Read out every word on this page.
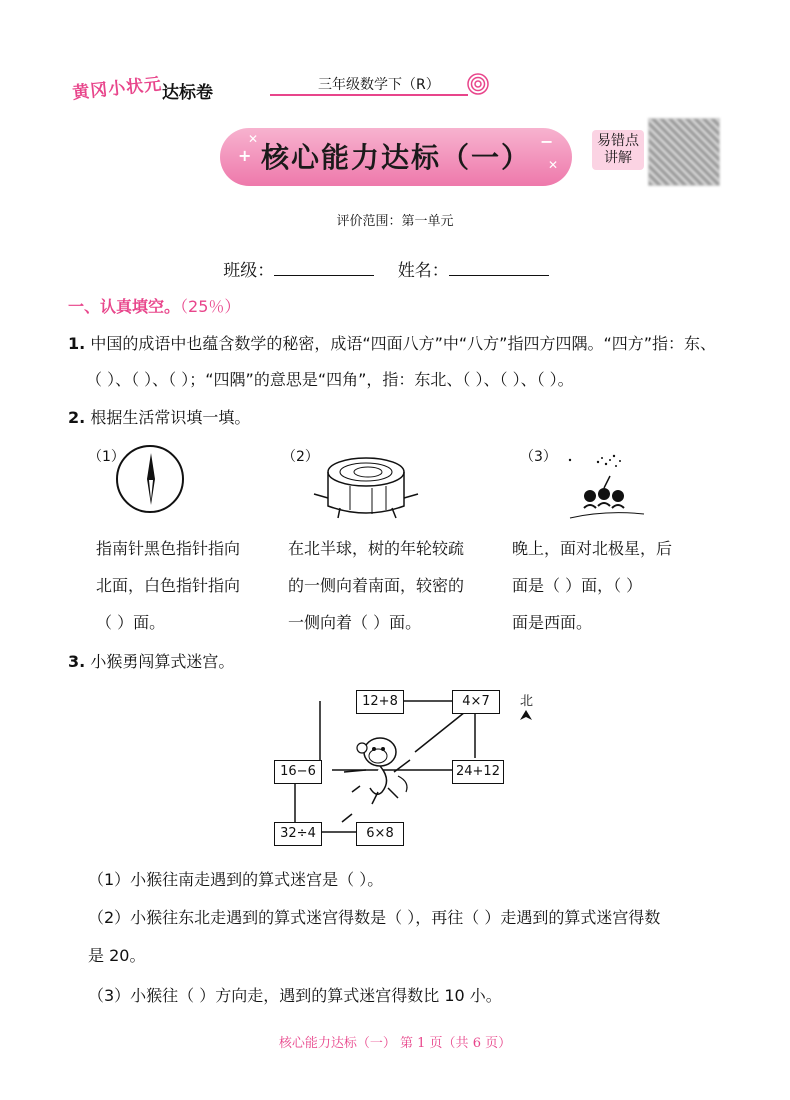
黄冈小状元
达标卷	三年级数学下（R）
+
✕	−
✕
核心能力达标（一）	易错点
讲解
评价范围：第一单元
班级：	姓名：
一、认真填空。（25％）
1. 中国的成语中也蕴含数学的秘密，成语“四面八方”中“八方”指四方四隅。“四方”指：东、
（ ）、（ ）、（ ）；“四隅”的意思是“四角”，指：东北、（ ）、（ ）、（ ）。
2. 根据生活常识填一填。
（1）	（2）	（3）
指南针黑色指针指向
北面，白色指针指向
（ ）面。
在北半球，树的年轮较疏
的一侧向着南面，较密的
一侧向着（ ）面。
晚上，面对北极星，后
面是（ ）面，（ ）
面是西面。
3. 小猴勇闯算式迷宫。
12+8	4×7
16−6	24+12
32÷4	6×8
北
（1）小猴往南走遇到的算式迷宫是（ ）。
（2）小猴往东北走遇到的算式迷宫得数是（ ），再往（ ）走遇到的算式迷宫得数
是 20。
（3）小猴往（ ）方向走，遇到的算式迷宫得数比 10 小。
核心能力达标（一） 第 1 页（共 6 页）
